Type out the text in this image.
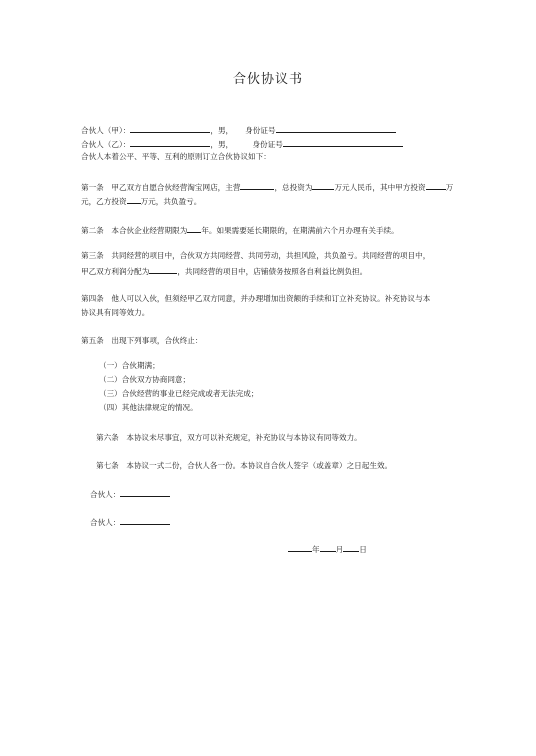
合伙协议书
合伙人（甲）：	，男， 身份证号
合伙人（乙）：	，男，	身份证号
合伙人本着公平、平等、互利的原则订立合伙协议如下：
第一条　甲乙双方自愿合伙经营淘宝网店，主营	，总投资为	万元人民币，其中甲方投资	万
元，乙方投资 万元，共负盈亏。
第二条　本合伙企业经营期限为 年。如果需要延长期限的，在期满前六个月办理有关手续。
第三条　共同经营的项目中，合伙双方共同经营、共同劳动，共担风险，共负盈亏。共同经营的项目中，
甲乙双方利润分配为	，共同经营的项目中，店铺债务按照各自利益比例负担。
第四条　他人可以入伙，但须经甲乙双方同意，并办理增加出资额的手续和订立补充协议。补充协议与本
协议具有同等效力。
第五条　出现下列事项，合伙终止：
（一）合伙期满；
（二）合伙双方协商同意；
（三）合伙经营的事业已经完成或者无法完成；
（四）其他法律规定的情况。
第六条　本协议未尽事宜，双方可以补充规定，补充协议与本协议有同等效力。
第七条　本协议一式二份，合伙人各一份。本协议自合伙人签字（或盖章）之日起生效。
合伙人：
合伙人：
年 月 日
